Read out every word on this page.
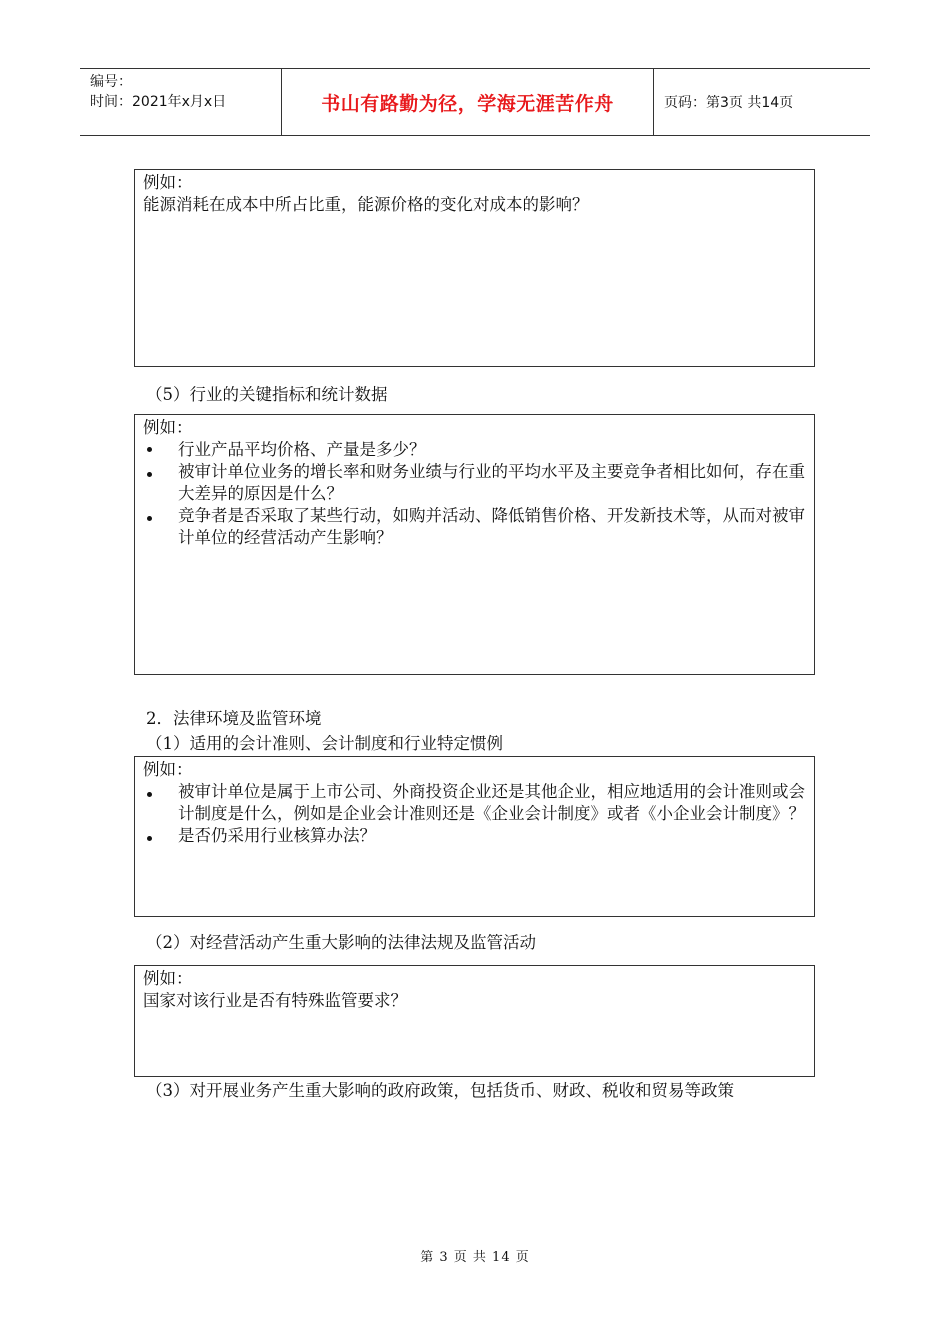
编号：
时间：2021年x月x日	书山有路勤为径，学海无涯苦作舟	页码：第3页 共14页

例如：

能源消耗在成本中所占比重，能源价格的变化对成本的影响？

（5）行业的关键指标和统计数据

例如：

行业产品平均价格、产量是多少？
被审计单位业务的增长率和财务业绩与行业的平均水平及主要竞争者相比如何，存在重大差异的原因是什么？
竞争者是否采取了某些行动，如购并活动、降低销售价格、开发新技术等，从而对被审计单位的经营活动产生影响？
2．法律环境及监管环境
（1）适用的会计准则、会计制度和行业特定惯例

例如：

被审计单位是属于上市公司、外商投资企业还是其他企业，相应地适用的会计准则或会计制度是什么，例如是企业会计准则还是《企业会计制度》或者《小企业会计制度》？
是否仍采用行业核算办法？
（2）对经营活动产生重大影响的法律法规及监管活动

例如：

国家对该行业是否有特殊监管要求？

（3）对开展业务产生重大影响的政府政策，包括货币、财政、税收和贸易等政策
第 3 页 共 14 页
